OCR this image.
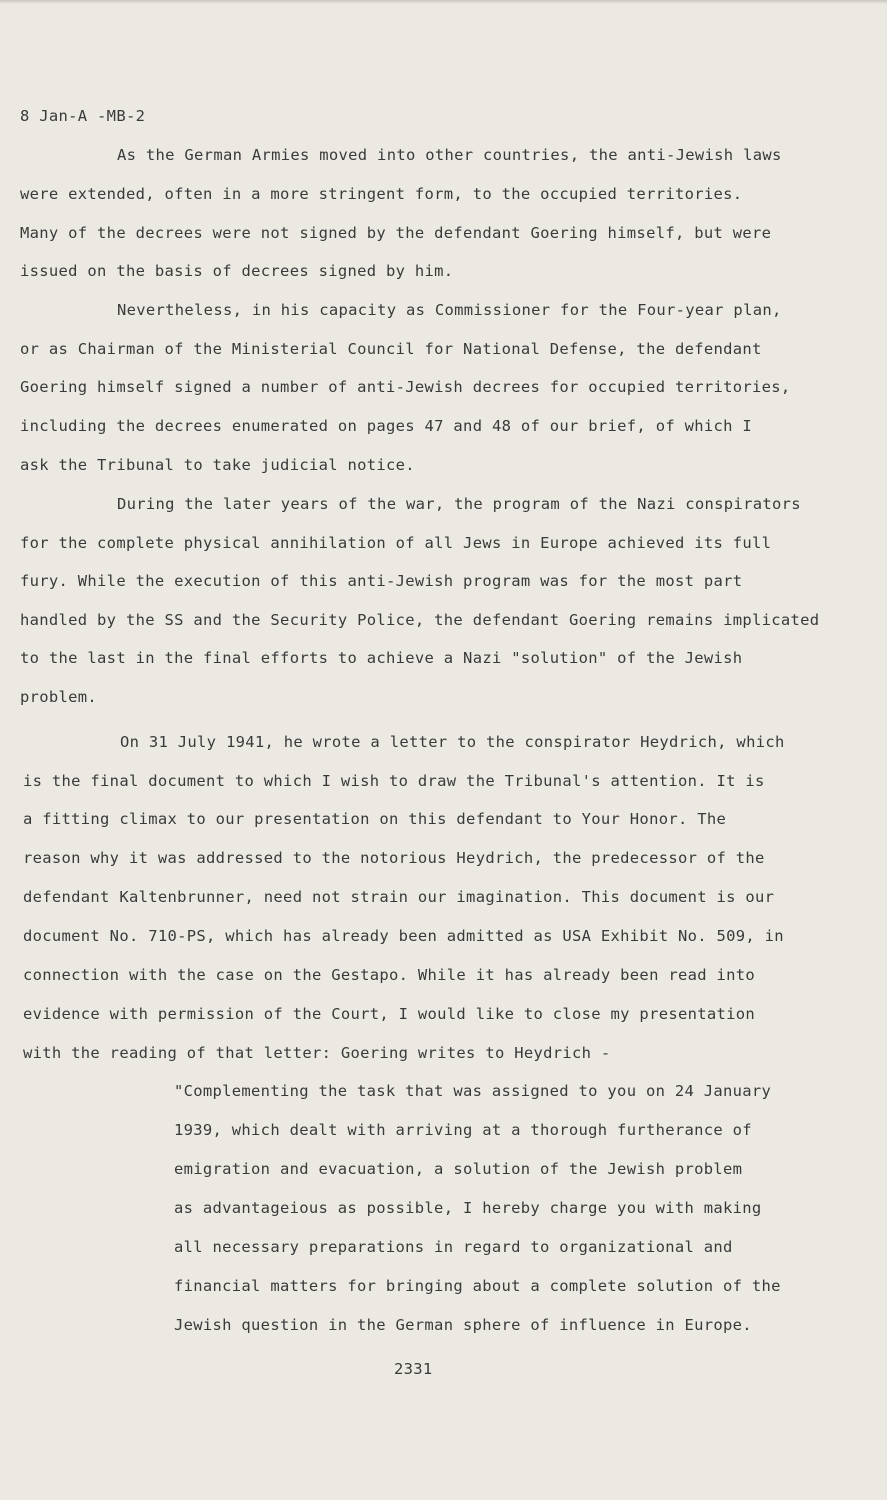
8 Jan-A -MB-2
As the German Armies moved into other countries, the anti-Jewish laws
were extended, often in a more stringent form, to the occupied territories.
Many of the decrees were not signed by the defendant Goering himself, but were
issued on the basis of decrees signed by him.
Nevertheless, in his capacity as Commissioner for the Four-year plan,
or as Chairman of the Ministerial Council for National Defense, the defendant
Goering himself signed a number of anti-Jewish decrees for occupied territories,
including the decrees enumerated on pages 47 and 48 of our brief, of which I
ask the Tribunal to take judicial notice.
During the later years of the war, the program of the Nazi conspirators
for the complete physical annihilation of all Jews in Europe achieved its full
fury. While the execution of this anti-Jewish program was for the most part
handled by the SS and the Security Police, the defendant Goering remains implicated
to the last in the final efforts to achieve a Nazi "solution" of the Jewish
problem.
On 31 July 1941, he wrote a letter to the conspirator Heydrich, which
is the final document to which I wish to draw the Tribunal's attention. It is
a fitting climax to our presentation on this defendant to Your Honor. The
reason why it was addressed to the notorious Heydrich, the predecessor of the
defendant Kaltenbrunner, need not strain our imagination. This document is our
document No. 710-PS, which has already been admitted as USA Exhibit No. 509, in
connection with the case on the Gestapo. While it has already been read into
evidence with permission of the Court, I would like to close my presentation
with the reading of that letter: Goering writes to Heydrich -
"Complementing the task that was assigned to you on 24 January
1939, which dealt with arriving at a thorough furtherance of
emigration and evacuation, a solution of the Jewish problem
as advantageious as possible, I hereby charge you with making
all necessary preparations in regard to organizational and
financial matters for bringing about a complete solution of the
Jewish question in the German sphere of influence in Europe.
2331
